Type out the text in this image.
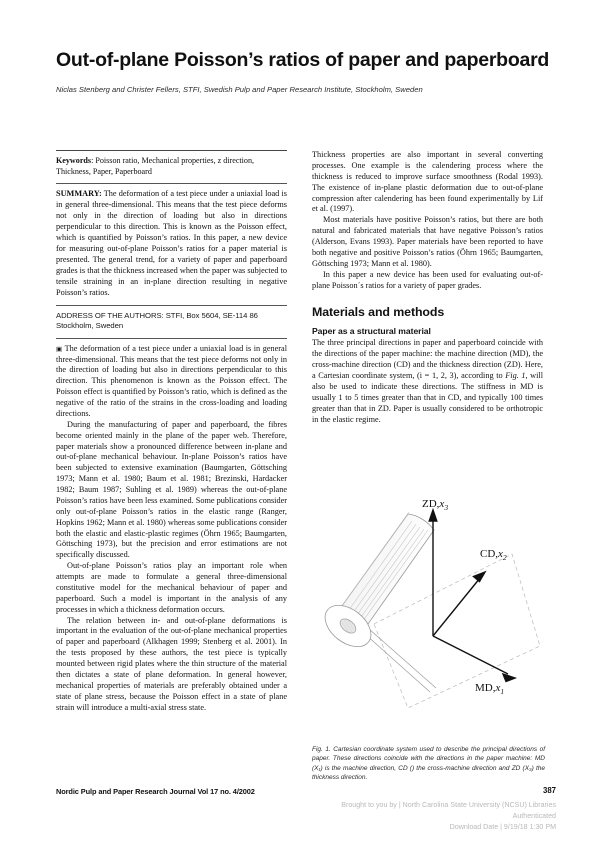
Out-of-plane Poisson’s ratios of paper and paperboard
Niclas Stenberg and Christer Fellers, STFI, Swedish Pulp and Paper Research Institute, Stockholm, Sweden

Keywords: Poisson ratio, Mechanical properties, z direction, Thickness, Paper, Paperboard

SUMMARY: The deformation of a test piece under a uniaxial load is in general three-dimensional. This means that the test piece deforms not only in the direction of loading but also in directions perpendicular to this direction. This is known as the Poisson effect, which is quantified by Poisson’s ratios. In this paper, a new device for measuring out-of-plane Poisson’s ratios for a paper material is presented. The general trend, for a variety of paper and paperboard grades is that the thickness increased when the paper was subjected to tensile straining in an in-plane direction resulting in negative Poisson’s ratios.

ADDRESS OF THE AUTHORS: STFI, Box 5604, SE-114 86 Stockholm, Sweden

▣ The deformation of a test piece under a uniaxial load is in general three-dimensional. This means that the test piece deforms not only in the direction of loading but also in directions perpendicular to this direction. This phenomenon is known as the Poisson effect. The Poisson effect is quantified by Poisson’s ratio, which is defined as the negative of the ratio of the strains in the cross-loading and loading directions.

During the manufacturing of paper and paperboard, the fibres become oriented mainly in the plane of the paper web. Therefore, paper materials show a pronounced difference between in-plane and out-of-plane mechanical behaviour. In-plane Poisson’s ratios have been subjected to extensive examination (Baumgarten, Göttsching 1973; Mann et al. 1980; Baum et al. 1981; Brezinski, Hardacker 1982; Baum 1987; Suhling et al. 1989) whereas the out-of-plane Poisson’s ratios have been less examined. Some publications consider only out-of-plane Poisson’s ratios in the elastic range (Ranger, Hopkins 1962; Mann et al. 1980) whereas some publications consider both the elastic and elastic-plastic regimes (Öhrn 1965; Baumgarten, Göttsching 1973), but the precision and error estimations are not specifically discussed.

Out-of-plane Poisson’s ratios play an important role when attempts are made to formulate a general three-dimensional constitutive model for the mechanical behaviour of paper and paperboard. Such a model is important in the analysis of any processes in which a thickness deformation occurs.

The relation between in- and out-of-plane deformations is important in the evaluation of the out-of-plane mechanical properties of paper and paperboard (Alkhagen 1999; Stenberg et al. 2001). In the tests proposed by these authors, the test piece is typically mounted between rigid plates where the thin structure of the material then dictates a state of plane deformation. In general however, mechanical properties of materials are preferably obtained under a state of plane stress, because the Poisson effect in a state of plane strain will introduce a multi-axial stress state.

Thickness properties are also important in several converting processes. One example is the calendering process where the thickness is reduced to improve surface smoothness (Rodal 1993). The existence of in-plane plastic deformation due to out-of-plane compression after calendering has been found experimentally by Lif et al. (1997).

Most materials have positive Poisson’s ratios, but there are both natural and fabricated materials that have negative Poisson’s ratios (Alderson, Evans 1993). Paper materials have been reported to have both negative and positive Poisson’s ratios (Öhrn 1965; Baumgarten, Göttsching 1973; Mann et al. 1980).

In this paper a new device has been used for evaluating out-of-plane Poisson´s ratios for a variety of paper grades.

Materials and methods
Paper as a structural material

The three principal directions in paper and paperboard coincide with the directions of the paper machine: the machine direction (MD), the cross-machine direction (CD) and the thickness direction (ZD). Here, a Cartesian coordinate system, (i = 1, 2, 3), according to Fig. 1, will also be used to indicate these directions. The stiffness in MD is usually 1 to 5 times greater than that in CD, and typically 100 times greater than that in ZD. Paper is usually considered to be orthotropic in the elastic regime.

$ZD,x_3$
$CD,x_2$
$MD,x_1$
Fig. 1. Cartesian coordinate system used to describe the principal directions of paper. These directions coincide with the directions in the paper machine: MD (X₁) is the machine direction, CD () the cross-machine direction and ZD (X₃) the thickness direction.
Nordic Pulp and Paper Research Journal Vol 17 no. 4/2002	387
Brought to you by | North Carolina State University (NCSU) Libraries
Authenticated
Download Date | 9/19/18 1:30 PM
